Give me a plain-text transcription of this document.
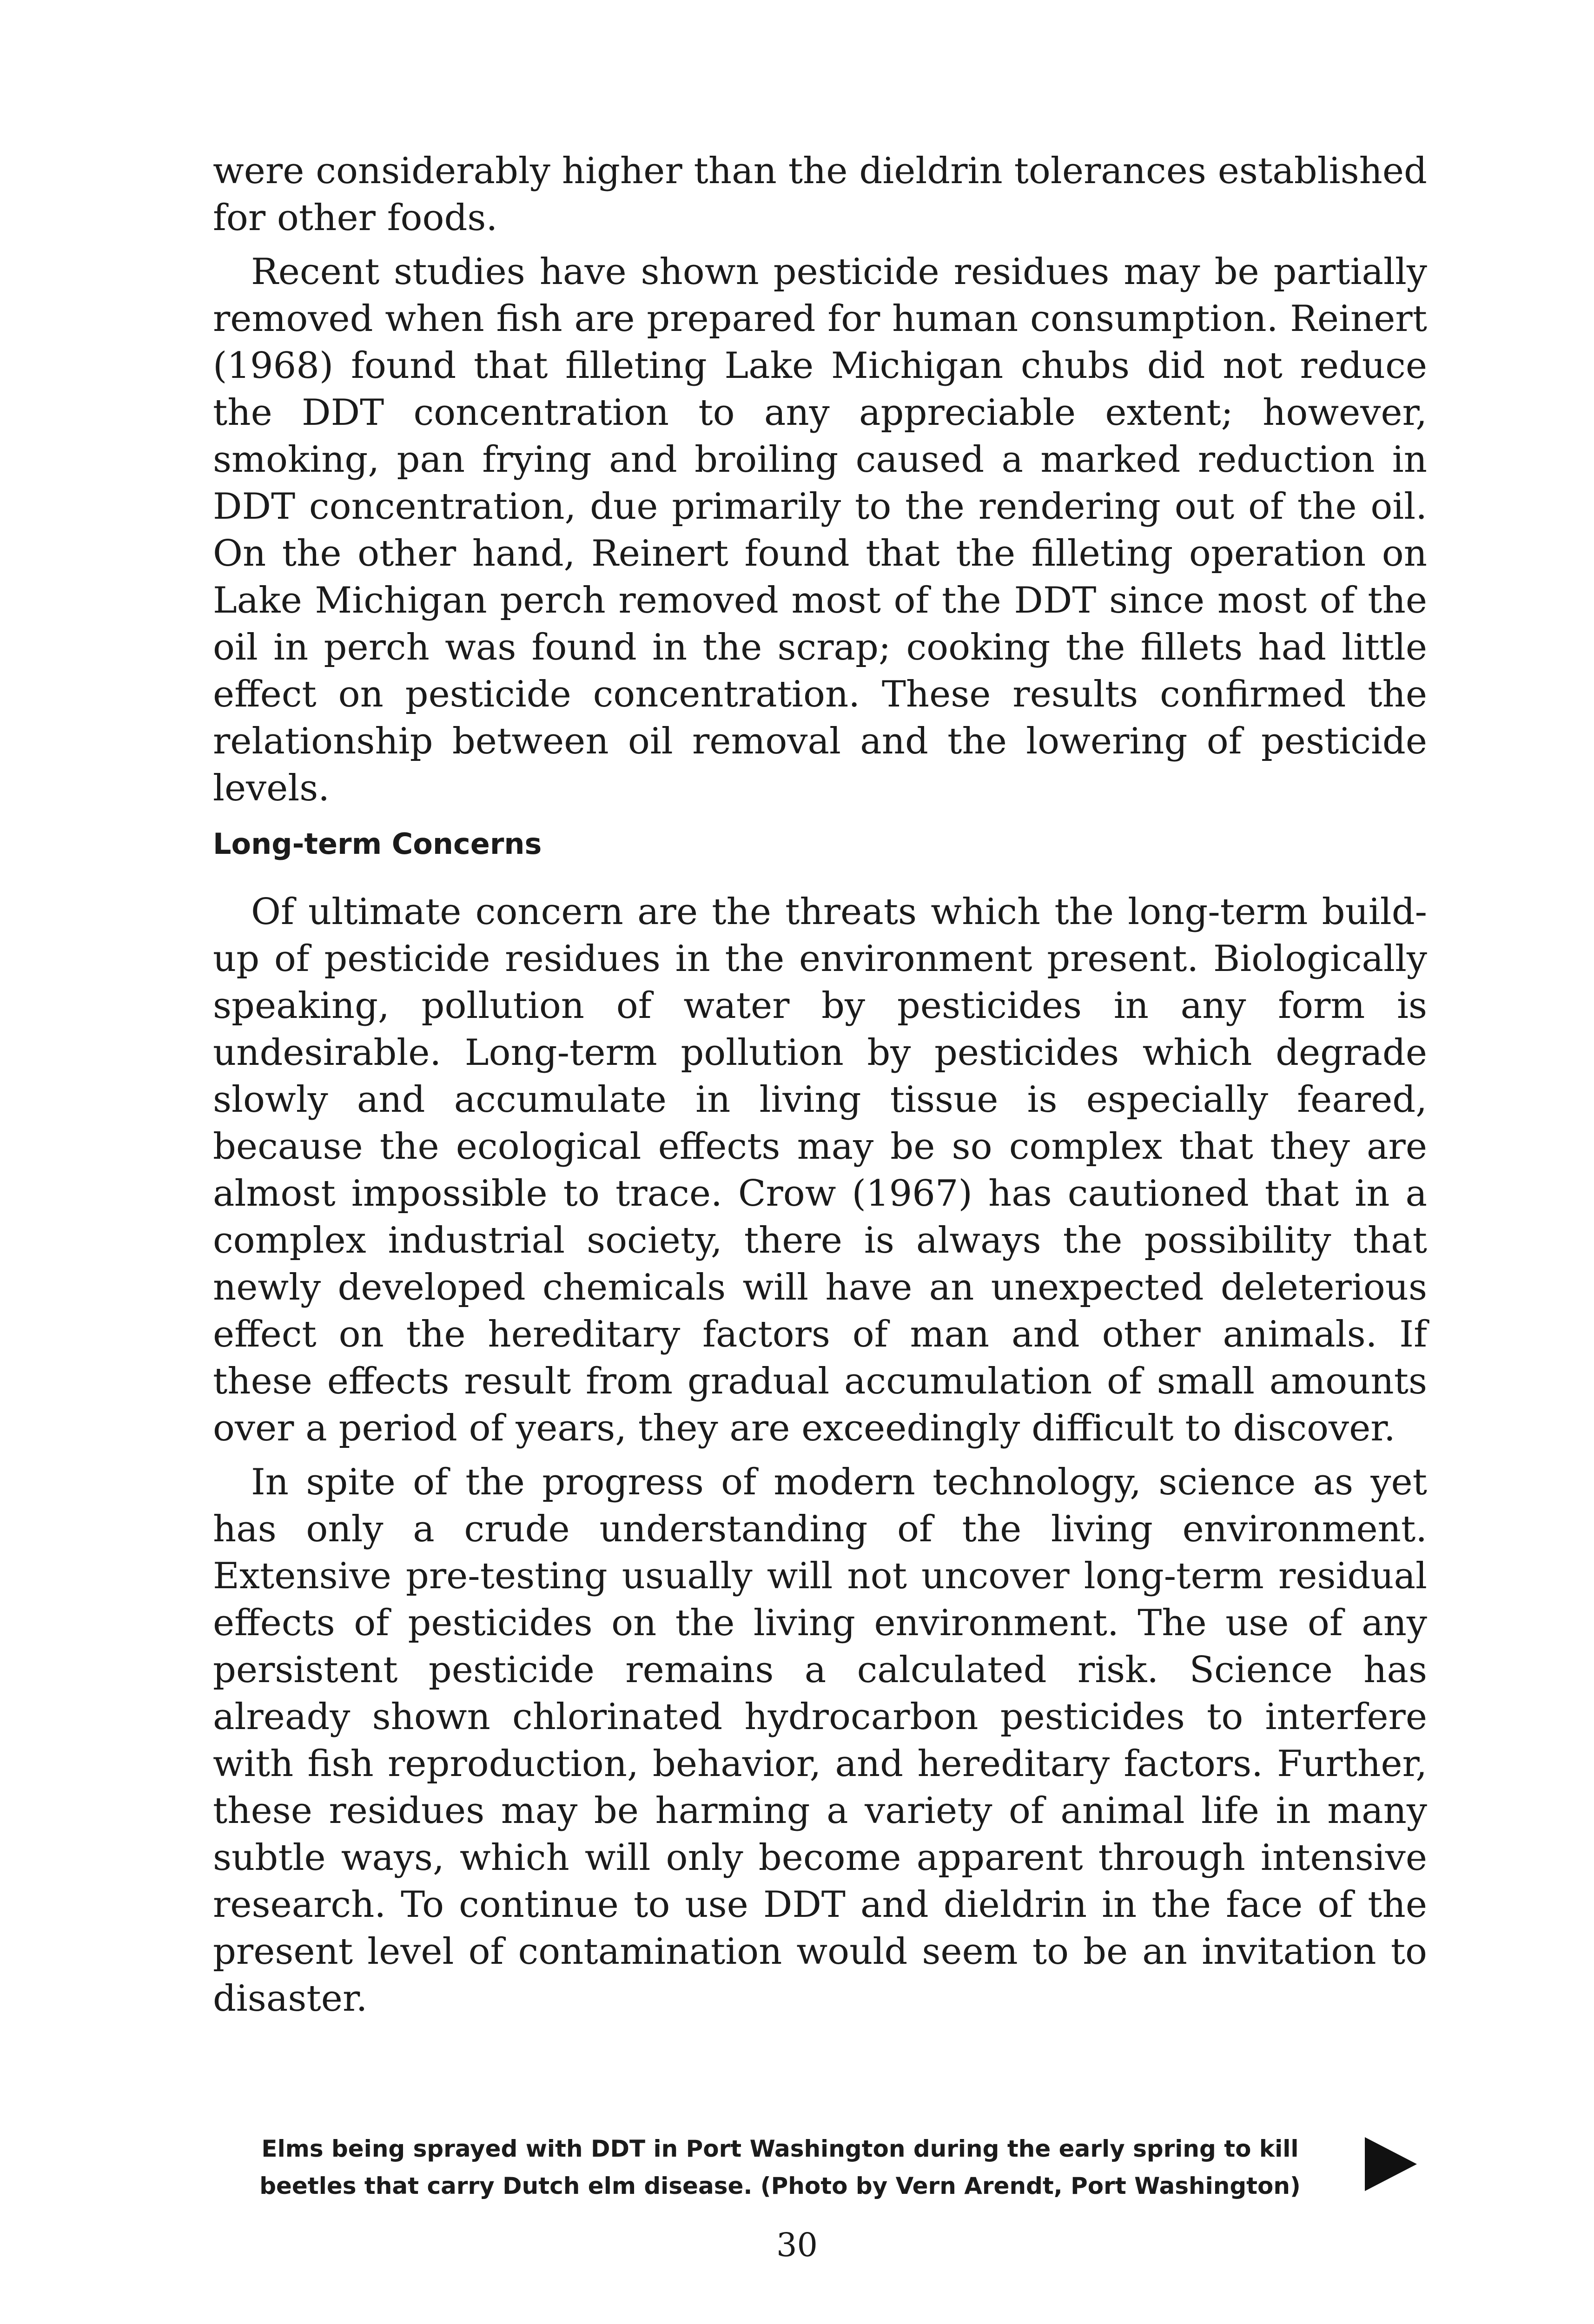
were considerably higher than the dieldrin tolerances established for other foods.

Recent studies have shown pesticide residues may be partially removed when fish are prepared for human consumption. Reinert (1968) found that filleting Lake Michigan chubs did not reduce the DDT concentration to any appreciable extent; however, smoking, pan frying and broiling caused a marked reduction in DDT concentration, due primarily to the rendering out of the oil. On the other hand, Reinert found that the filleting operation on Lake Michigan perch removed most of the DDT since most of the oil in perch was found in the scrap; cooking the fillets had little effect on pesticide concentration. These results confirmed the relationship between oil removal and the lowering of pesticide levels.

Long-term Concerns

Of ultimate concern are the threats which the long-term build-up of pesticide residues in the environment present. Biologically speaking, pollution of water by pesticides in any form is undesirable. Long-term pollution by pesticides which degrade slowly and accumulate in living tissue is especially feared, because the ecological effects may be so complex that they are almost impossible to trace. Crow (1967) has cautioned that in a complex industrial society, there is always the possibility that newly developed chemicals will have an unexpected deleterious effect on the hereditary factors of man and other animals. If these effects result from gradual accumulation of small amounts over a period of years, they are exceedingly difficult to discover.

In spite of the progress of modern technology, science as yet has only a crude understanding of the living environment. Extensive pre-testing usually will not uncover long-term residual effects of pesticides on the living environment. The use of any persistent pesticide remains a calculated risk. Science has already shown chlorinated hydrocarbon pesticides to interfere with fish reproduction, behavior, and hereditary factors. Further, these residues may be harming a variety of animal life in many subtle ways, which will only become apparent through intensive research. To continue to use DDT and dieldrin in the face of the present level of contamination would seem to be an invitation to disaster.

Elms being sprayed with DDT in Port Washington during the early spring to kill beetles that carry Dutch elm disease. (Photo by Vern Arendt, Port Washington)

30
